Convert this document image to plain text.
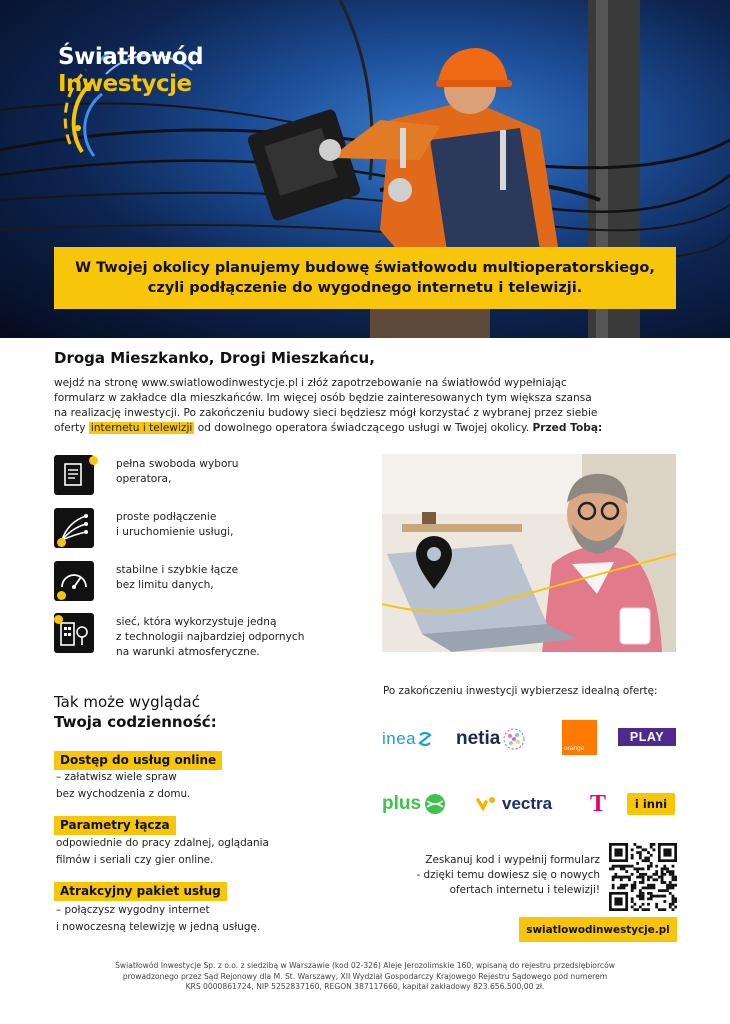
Światłowód
Inwestycje
W Twojej okolicy planujemy budowę światłowodu multioperatorskiego,
czyli podłączenie do wygodnego internetu i telewizji.
Droga Mieszkanko, Drogi Mieszkańcu,
wejdź na stronę www.swiatlowodinwestycje.pl i złóż zapotrzebowanie na światłowód wypełniając
formularz w zakładce dla mieszkańców. Im więcej osób będzie zainteresowanych tym większa szansa
na realizację inwestycji. Po zakończeniu budowy sieci będziesz mógł korzystać z wybranej przez siebie
oferty internetu i telewizji od dowolnego operatora świadczącego usługi w Twojej okolicy. Przed Tobą:
pełna swoboda wyboru
operatora,
proste podłączenie
i uruchomienie usługi,
stabilne i szybkie łącze
bez limitu danych,
sieć, która wykorzystuje jedną
z technologii najbardziej odpornych
na warunki atmosferyczne.
Tak może wyglądać
Twoja codzienność:
Dostęp do usług online
– załatwisz wiele spraw
bez wychodzenia z domu.
Parametry łącza
odpowiednie do pracy zdalnej, oglądania
filmów i seriali czy gier online.
Atrakcyjny pakiet usług
– połączysz wygodny internet
i nowoczesną telewizję w jedną usługę.
Po zakończeniu inwestycji wybierzesz idealną ofertę:
inea netia	orange
PLAY
plus	vectra T	i inni
Zeskanuj kod i wypełnij formularz
- dzięki temu dowiesz się o nowych
ofertach internetu i telewizji!
swiatlowodinwestycje.pl
Światłowód Inwestycje Sp. z o.o. z siedzibą w Warszawie (kod 02-326) Aleje Jerozolimskie 160, wpisaną do rejestru przedsiębiorców
prowadzonego przez Sąd Rejonowy dla M. St. Warszawy, XII Wydział Gospodarczy Krajowego Rejestru Sądowego pod numerem
KRS 0000861724, NIP 5252837160, REGON 387117660, kapitał zakładowy 823.656.500,00 zł.
